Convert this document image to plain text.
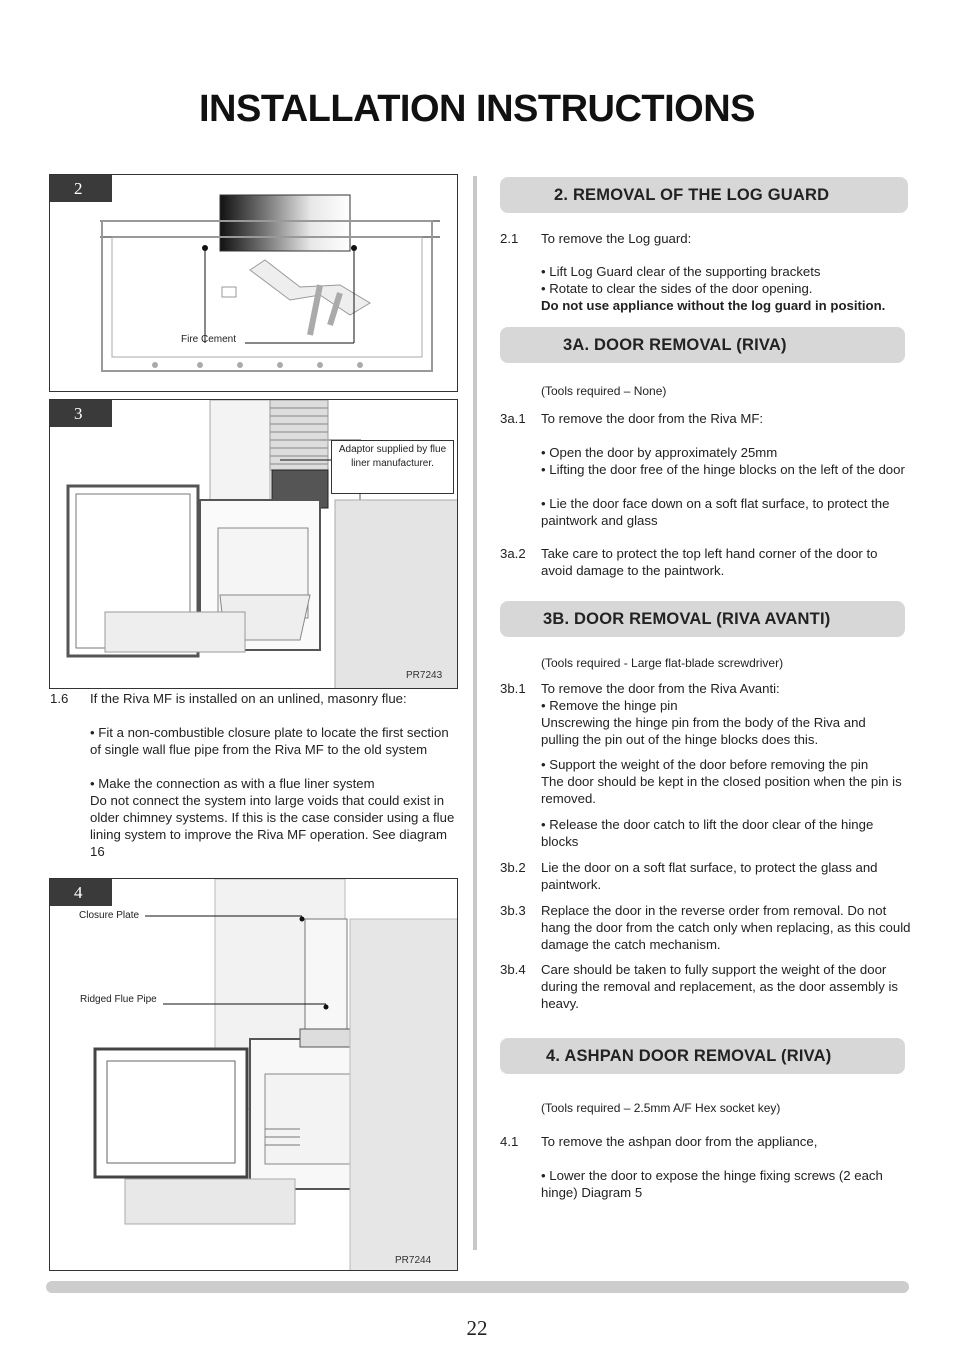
INSTALLATION INSTRUCTIONS
2
Fire Cement
3
Adaptor supplied by flue liner manufacturer.
PR7243
1.6 If the Riva MF is installed on an unlined, masonry flue:
• Fit a non-combustible closure plate to locate the first section of single wall flue pipe from the Riva MF to the old system
• Make the connection as with a flue liner system
Do not connect the system into large voids that could exist in older chimney systems. If this is the case consider using a flue lining system to improve the Riva MF operation. See diagram 16
4
Closure Plate
Ridged Flue Pipe
PR7244
2. REMOVAL OF THE LOG GUARD
2.1 To remove the Log guard:
• Lift Log Guard clear of the supporting brackets
• Rotate to clear the sides of the door opening.
Do not use appliance without the log guard in position.
3A. DOOR REMOVAL (RIVA)
(Tools required – None)
3a.1 To remove the door from the Riva MF:
• Open the door by approximately 25mm
• Lifting the door free of the hinge blocks on the left of the door
• Lie the door face down on a soft flat surface, to protect the paintwork and glass
3a.2 Take care to protect the top left hand corner of the door to avoid damage to the paintwork.
3B. DOOR REMOVAL (RIVA AVANTI)
(Tools required - Large flat-blade screwdriver)
3b.1 To remove the door from the Riva Avanti:
• Remove the hinge pin
Unscrewing the hinge pin from the body of the Riva and pulling the pin out of the hinge blocks does this.
• Support the weight of the door before removing the pin
The door should be kept in the closed position when the pin is removed.
• Release the door catch to lift the door clear of the hinge blocks
3b.2 Lie the door on a soft flat surface, to protect the glass and paintwork.
3b.3 Replace the door in the reverse order from removal. Do not hang the door from the catch only when replacing, as this could damage the catch mechanism.
3b.4 Care should be taken to fully support the weight of the door during the removal and replacement, as the door assembly is heavy.
4. ASHPAN DOOR REMOVAL (RIVA)
(Tools required – 2.5mm A/F Hex socket key)
4.1 To remove the ashpan door from the appliance,
• Lower the door to expose the hinge fixing screws (2 each hinge) Diagram 5
22
